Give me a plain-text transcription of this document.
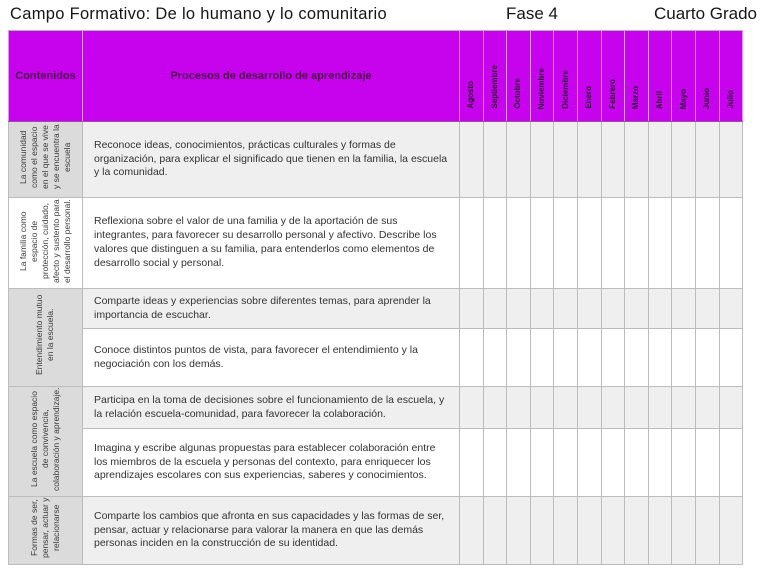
Campo Formativo: De lo humano y lo comunitario	Fase 4	Cuarto Grado
Contenidos	Procesos de desarrollo de aprendizaje	Agosto	Septiembre	Octubre	Noviembre	Diciembre	Enero	Febrero	Marzo	Abril	Mayo	Junio	Julio
La comunidad como el espacio en el que se vive y se encuentra la escuela	Reconoce ideas, conocimientos, prácticas culturales y formas de organización, para explicar el significado que tienen en la familia, la escuela y la comunidad.												
La familia como espacio de protección, cuidado, afecto y sustento para el desarrollo personal.	Reflexiona sobre el valor de una familia y de la aportación de sus integrantes, para favorecer su desarrollo personal y afectivo. Describe los valores que distinguen a su familia, para entenderlos como elementos de desarrollo social y personal.												
Entendimiento mutuo en la escuela.	Comparte ideas y experiencias sobre diferentes temas, para aprender la importancia de escuchar.												
	Conoce distintos puntos de vista, para favorecer el entendimiento y la negociación con los demás.												
La escuela como espacio de convivencia, colaboración y aprendizaje.	Participa en la toma de decisiones sobre el funcionamiento de la escuela, y la relación escuela-comunidad, para favorecer la colaboración.												
	Imagina y escribe algunas propuestas para establecer colaboración entre los miembros de la escuela y personas del contexto, para enriquecer los aprendizajes escolares con sus experiencias, saberes y conocimientos.												
Formas de ser, pensar, actuar y relacionarse	Comparte los cambios que afronta en sus capacidades y las formas de ser, pensar, actuar y relacionarse para valorar la manera en que las demás personas inciden en la construcción de su identidad.												
